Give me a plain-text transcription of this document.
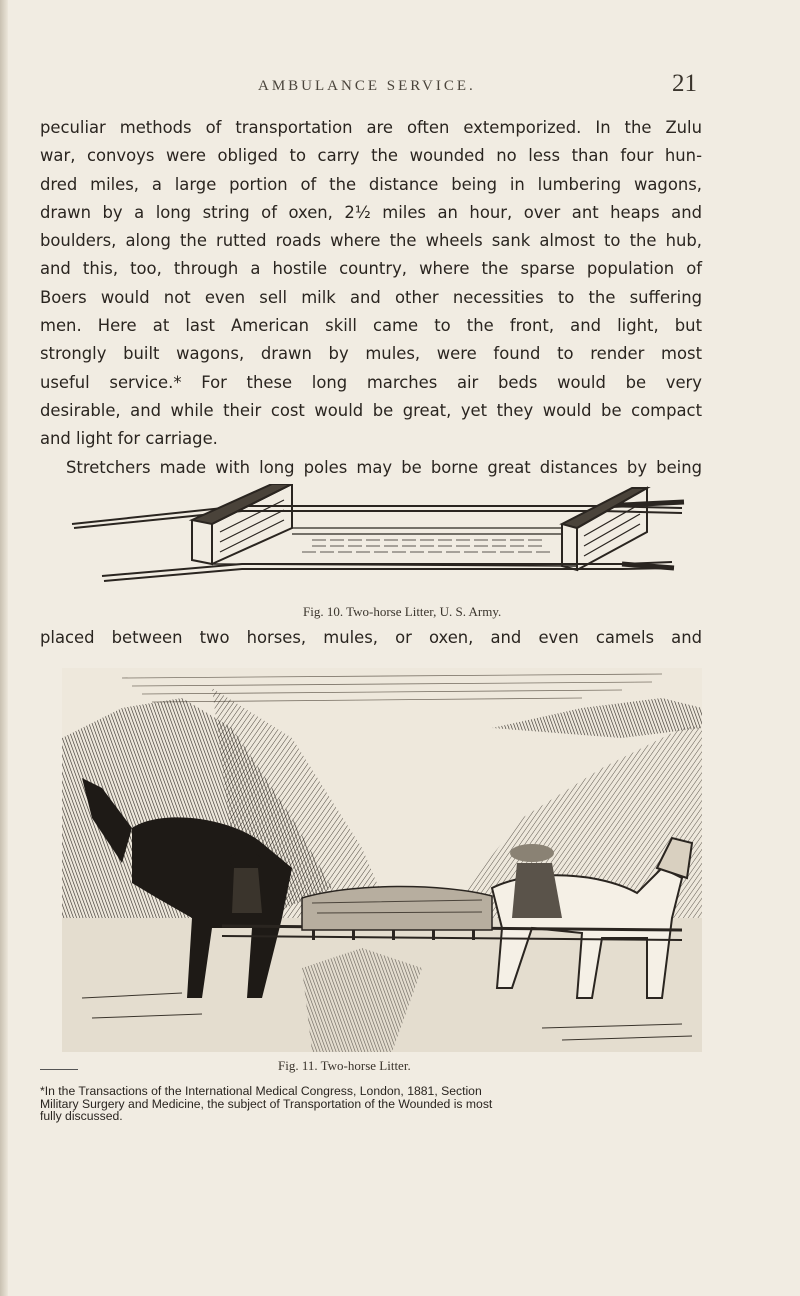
AMBULANCE SERVICE.	21
peculiar methods of transportation are often extemporized. In the Zulu
war, convoys were obliged to carry the wounded no less than four hun-
dred miles, a large portion of the distance being in lumbering wagons,
drawn by a long string of oxen, 2½ miles an hour, over ant heaps and
boulders, along the rutted roads where the wheels sank almost to the hub,
and this, too, through a hostile country, where the sparse population of
Boers would not even sell milk and other necessities to the suffering
men. Here at last American skill came to the front, and light, but
strongly built wagons, drawn by mules, were found to render most
useful service.* For these long marches air beds would be very
desirable, and while their cost would be great, yet they would be compact
and light for carriage.
Stretchers made with long poles may be borne great distances by being
Fig. 10. Two-horse Litter, U. S. Army.
placed between two horses, mules, or oxen, and even camels and
Fig. 11. Two-horse Litter.
*In the Transactions of the International Medical Congress, London, 1881, Section
Military Surgery and Medicine, the subject of Transportation of the Wounded is most
fully discussed.
